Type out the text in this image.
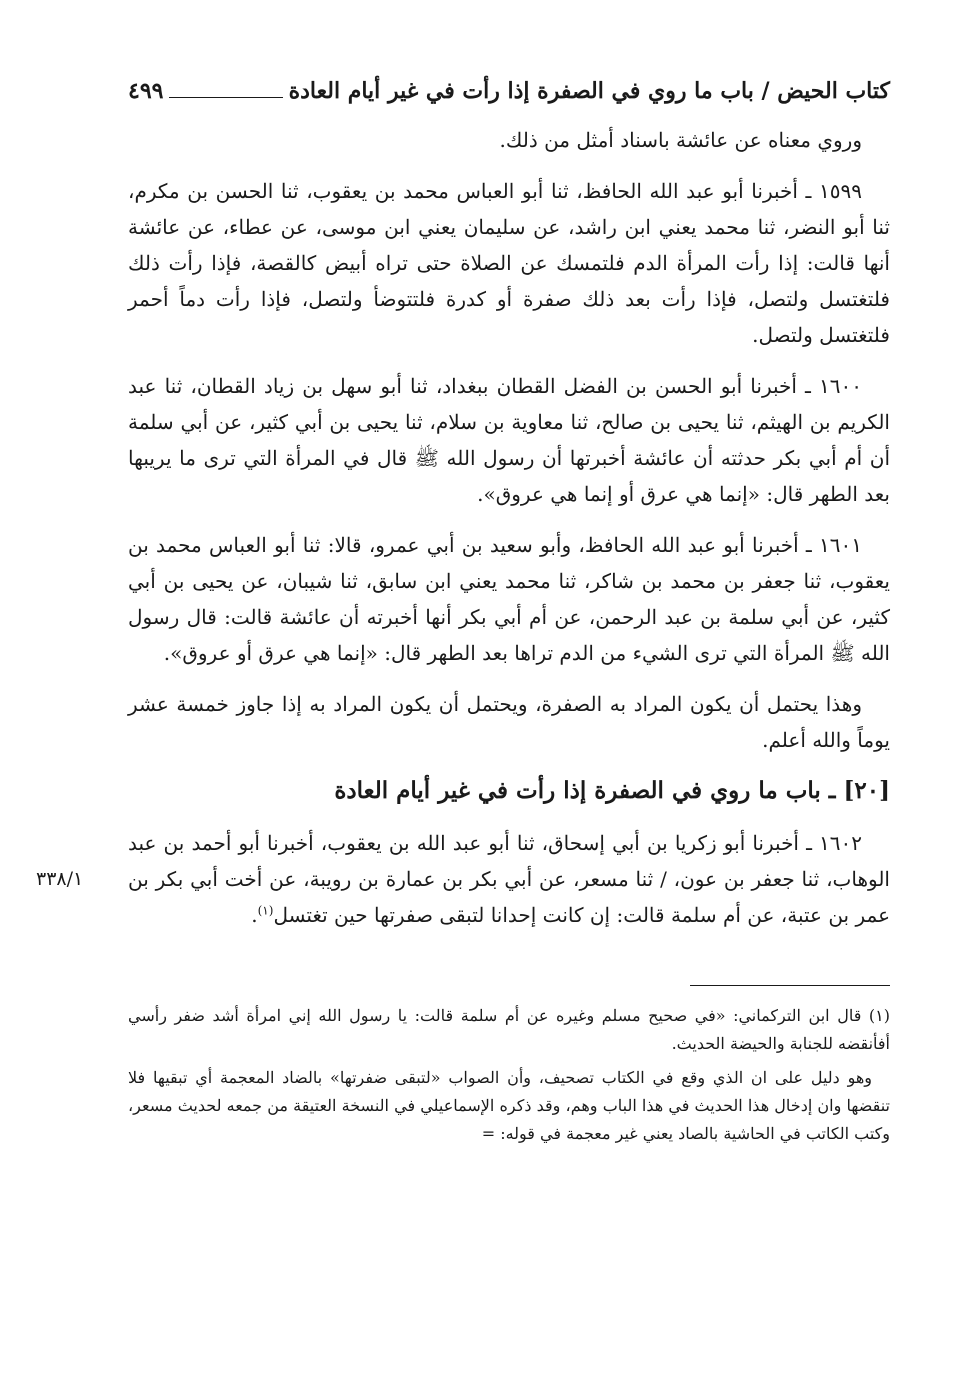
كتاب الحيض / باب ما روي في الصفرة إذا رأت في غير أيام العادة
٤٩٩

وروي معناه عن عائشة باسناد أمثل من ذلك.

١٥٩٩ ـ أخبرنا أبو عبد الله الحافظ، ثنا أبو العباس محمد بن يعقوب، ثنا الحسن بن مكرم، ثنا أبو النضر، ثنا محمد يعني ابن راشد، عن سليمان يعني ابن موسى، عن عطاء، عن عائشة أنها قالت: إذا رأت المرأة الدم فلتمسك عن الصلاة حتى تراه أبيض كالقصة، فإذا رأت ذلك فلتغتسل ولتصل، فإذا رأت بعد ذلك صفرة أو كدرة فلتتوضأ ولتصل، فإذا رأت دماً أحمر فلتغتسل ولتصل.

١٦٠٠ ـ أخبرنا أبو الحسن بن الفضل القطان ببغداد، ثنا أبو سهل بن زياد القطان، ثنا عبد الكريم بن الهيثم، ثنا يحيى بن صالح، ثنا معاوية بن سلام، ثنا يحيى بن أبي كثير، عن أبي سلمة أن أم أبي بكر حدثته أن عائشة أخبرتها أن رسول الله ﷺ قال في المرأة التي ترى ما يريبها بعد الطهر قال: «إنما هي عرق أو إنما هي عروق».

١٦٠١ ـ أخبرنا أبو عبد الله الحافظ، وأبو سعيد بن أبي عمرو، قالا: ثنا أبو العباس محمد بن يعقوب، ثنا جعفر بن محمد بن شاكر، ثنا محمد يعني ابن سابق، ثنا شيبان، عن يحيى بن أبي كثير، عن أبي سلمة بن عبد الرحمن، عن أم أبي بكر أنها أخبرته أن عائشة قالت: قال رسول الله ﷺ المرأة التي ترى الشيء من الدم تراها بعد الطهر قال: «إنما هي عرق أو عروق».

وهذا يحتمل أن يكون المراد به الصفرة، ويحتمل أن يكون المراد به إذا جاوز خمسة عشر يوماً والله أعلم.

[٢٠] ـ باب ما روي في الصفرة إذا رأت في غير أيام العادة

١٦٠٢ ـ أخبرنا أبو زكريا بن أبي إسحاق، ثنا أبو عبد الله بن يعقوب، أخبرنا أبو أحمد بن عبد الوهاب، ثنا جعفر بن عون، / ثنا مسعر، عن أبي بكر بن عمارة بن رويبة، عن أخت أبي بكر بن عمر بن عتبة، عن أم سلمة قالت: إن كانت إحدانا لتبقى صفرتها حين تغتسل$^{(١)}$.

٣٣٨/١

(١) قال ابن التركماني: «في صحيح مسلم وغيره عن أم سلمة قالت: يا رسول الله إني امرأة أشد ضفر رأسي أفأنقضه للجنابة والحيضة الحديث.

وهو دليل على ان الذي وقع في الكتاب تصحيف، وأن الصواب «لتبقى ضفرتها» بالضاد المعجمة أي تبقيها فلا تنقضها وان إدخال هذا الحديث في هذا الباب وهم، وقد ذكره الإسماعيلي في النسخة العتيقة من جمعه لحديث مسعر، وكتب الكاتب في الحاشية بالصاد يعني غير معجمة في قوله: =
